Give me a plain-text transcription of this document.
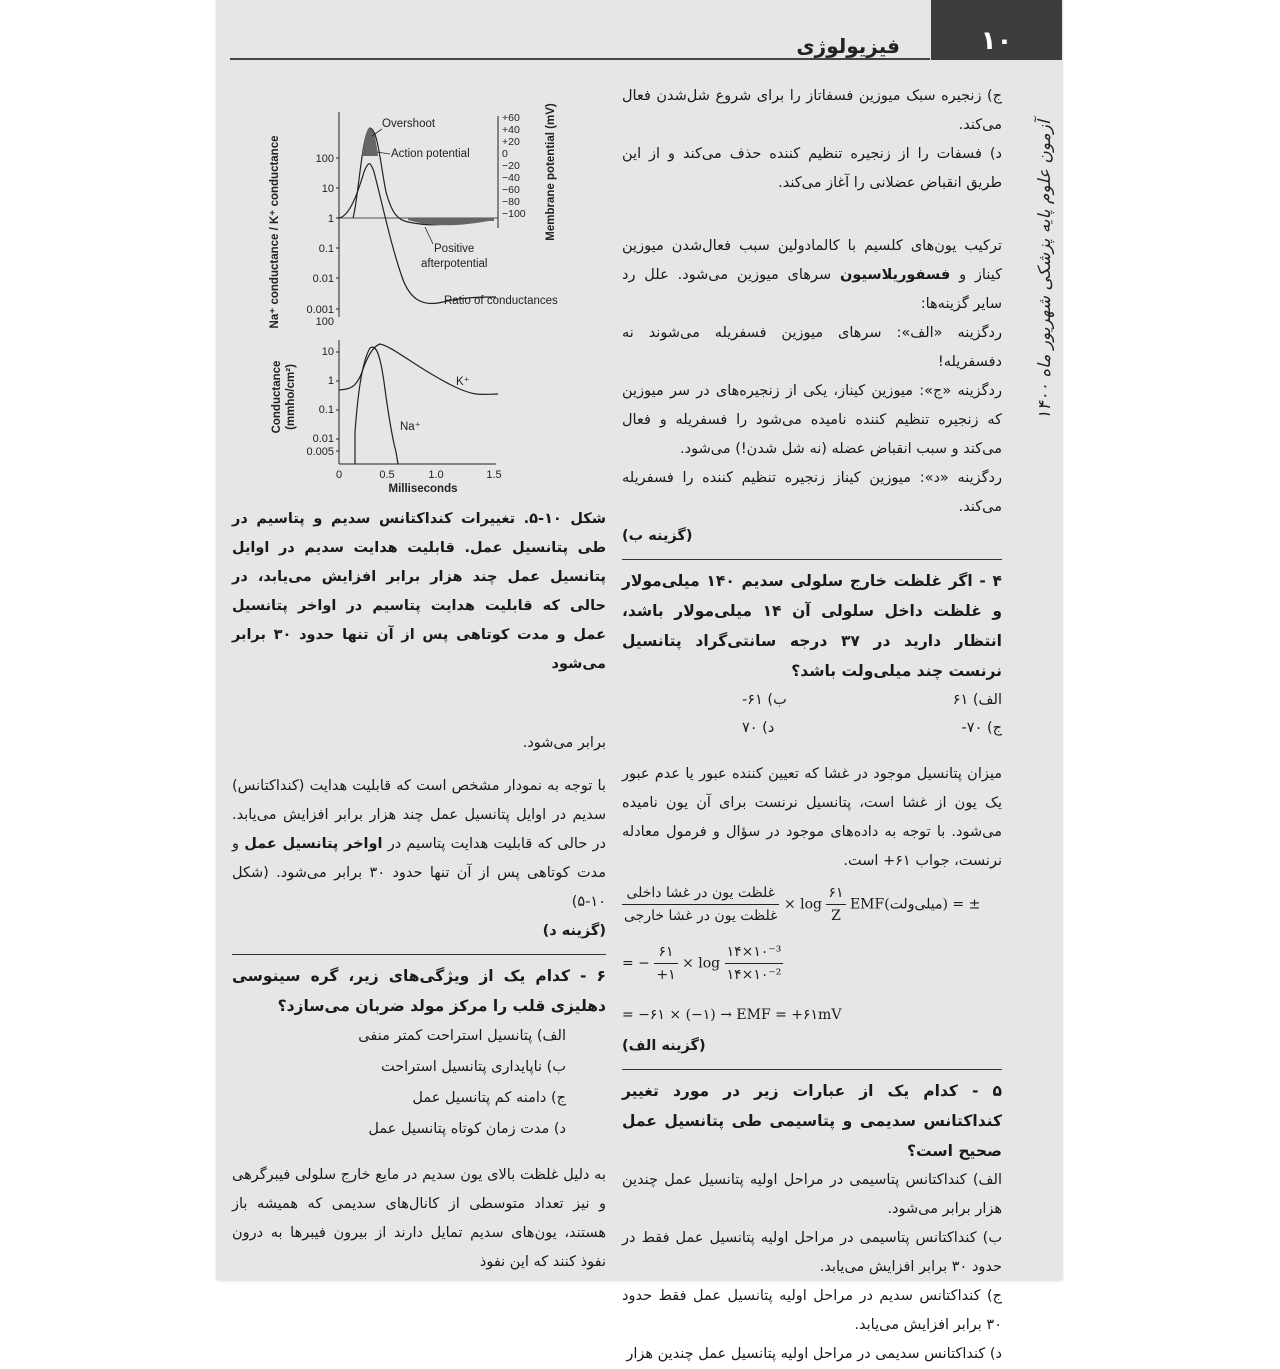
١٠
فیزیولوژی
آزمون علوم پایه پزشکی شهریور ماه ۱۴۰۰
100
10
1
0.1
0.01
0.001
+60
+40
+20
0
−20
−40
−60
−80
−100 Membrane potential (mV)
Na⁺ conductance / K⁺ conductance
Overshoot
Action potential
Positive
afterpotential
Ratio of conductances
100
10
1
0.1
0.01
0.005
Conductance (mmho/cm²)	K⁺
Na⁺
0	0.5	1.0	1.5
Milliseconds

ج) زنجیره سبک میوزین فسفاتاز را برای شروع شل‌شدن فعال می‌کند.

د) فسفات را از زنجیره تنظیم کننده حذف می‌کند و از این طریق انقباض عضلانی را آغاز می‌کند.

ترکیب یون‌های کلسیم با کالمادولین سبب فعال‌شدن میوزین کیناز و فسفوریلاسیون سرهای میوزین می‌شود. علل رد سایر گزینه‌ها:

ردگزینه «الف»: سرهای میوزین فسفریله می‌شوند نه دفسفریله!

ردگزینه «ج»: میوزین کیناز، یکی از زنجیره‌های در سر میوزین که زنجیره تنظیم کننده نامیده می‌شود را فسفریله و فعال می‌کند و سبب انقباض عضله (نه شل شدن!) می‌شود.

ردگزینه «د»: میوزین کیناز زنجیره تنظیم کننده را فسفریله می‌کند.

(گزینه ب)

۴ - اگر غلظت خارج سلولی سدیم ۱۴۰ میلی‌مولار و غلظت داخل سلولی آن ۱۴ میلی‌مولار باشد، انتظار دارید در ۳۷ درجه سانتی‌گراد پتانسیل نرنست چند میلی‌ولت باشد؟

الف) ۶۱
ب) ۶۱-
ج) ۷۰-
د) ۷۰

میزان پتانسیل موجود در غشا که تعیین کننده عبور یا عدم عبور یک یون از غشا است، پتانسیل نرنست برای آن یون نامیده می‌شود. با توجه به داده‌های موجود در سؤال و فرمول معادله نرنست، جواب ۶۱+ است.

$\frac{\text{غلظت یون در غشا داخلی}}{\text{غلظت یون در غشا خارجی}} \times \log \frac{۶۱}{Z}$ EMF(میلی‌ولت) = ±
= − $\frac{۶۱}{+۱} \times \log \frac{\text{۱۴×۱۰⁻³}}{\text{۱۴×۱۰⁻²}}$
= −۶۱ × (−۱) → EMF = +۶۱mV

(گزینه الف)

۵ - کدام یک از عبارات زیر در مورد تغییر کنداکتانس سدیمی و پتاسیمی طی پتانسیل عمل صحیح است؟

الف) کنداکتانس پتاسیمی در مراحل اولیه پتانسیل عمل چندین هزار برابر می‌شود.

ب) کنداکتانس پتاسیمی در مراحل اولیه پتانسیل عمل فقط در حدود ۳۰ برابر افزایش می‌یابد.

ج) کنداکتانس سدیم در مراحل اولیه پتانسیل عمل فقط حدود ۳۰ برابر افزایش می‌یابد.

د) کنداکتانس سدیمی در مراحل اولیه پتانسیل عمل چندین هزار

شکل ۱۰-۵. تغییرات کنداکتانس سدیم و پتاسیم در طی پتانسیل عمل. قابلیت هدایت سدیم در اوایل پتانسیل عمل چند هزار برابر افزایش می‌یابد، در حالی که قابلیت هدایت پتاسیم در اواخر پتانسیل عمل و مدت کوتاهی پس از آن تنها حدود ۳۰ برابر می‌شود

برابر می‌شود.

با توجه به نمودار مشخص است که قابلیت هدایت (کنداکتانس) سدیم در اوایل پتانسیل عمل چند هزار برابر افزایش می‌یابد. در حالی که قابلیت هدایت پتاسیم در اواخر پتانسیل عمل و مدت کوتاهی پس از آن تنها حدود ۳۰ برابر می‌شود. (شکل ۱۰-۵)

(گزینه د)

۶ - کدام یک از ویژگی‌های زیر، گره سینوسی دهلیزی قلب را مرکز مولد ضربان می‌سازد؟

الف) پتانسیل استراحت کمتر منفی

ب) ناپایداری پتانسیل استراحت

ج) دامنه کم پتانسیل عمل

د) مدت زمان کوتاه پتانسیل عمل

به دلیل غلظت بالای یون سدیم در مایع خارج سلولی فیبرگرهی و نیز تعداد متوسطی از کانال‌های سدیمی که همیشه باز هستند، یون‌های سدیم تمایل دارند از بیرون فیبرها به درون نفوذ کنند که این نفوذ
